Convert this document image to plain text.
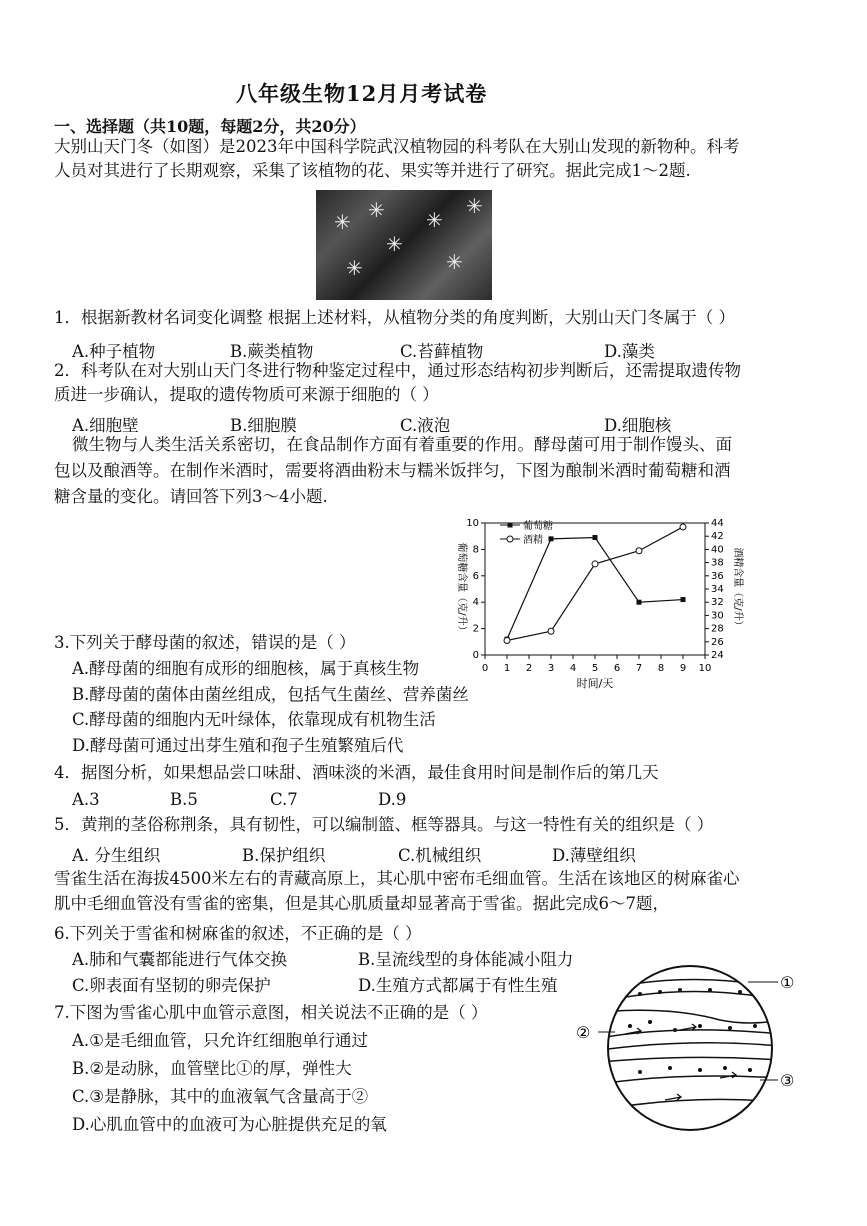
八年级生物12月月考试卷
一、选择题（共10题，每题2分，共20分）
大别山天门冬（如图）是2023年中国科学院武汉植物园的科考队在大别山发现的新物种。科考
人员对其进行了长期观察，采集了该植物的花、果实等并进行了研究。据此完成1～2题.
✳ ✳
✳
✳
✳
✳
✳
1．根据新教材名词变化调整 根据上述材料，从植物分类的角度判断，大别山天门冬属于（ ）
A.种子植物	B.蕨类植物	C.苔藓植物	D.藻类
2．科考队在对大别山天门冬进行物种鉴定过程中，通过形态结构初步判断后，还需提取遗传物
质进一步确认，提取的遗传物质可来源于细胞的（ ）
A.细胞壁	B.细胞膜	C.液泡	D.细胞核
微生物与人类生活关系密切，在食品制作方面有着重要的作用。酵母菌可用于制作馒头、面
包以及酿酒等。在制作米酒时，需要将酒曲粉末与糯米饭拌匀，下图为酿制米酒时葡萄糖和酒
糖含量的变化。请回答下列3～4小题.
0 1 2 3 4 5 6 7 8 9 10
0
2
4
6
8
10
24
26
28
30
32
34
36
38
40
42
44
时间/天
葡萄糖含量（克/升）	酒精含量（克/升）
葡萄糖
酒精
3.下列关于酵母菌的叙述，错误的是（ ）
A.酵母菌的细胞有成形的细胞核，属于真核生物
B.酵母菌的菌体由菌丝组成，包括气生菌丝、营养菌丝
C.酵母菌的细胞内无叶绿体，依靠现成有机物生活
D.酵母菌可通过出芽生殖和孢子生殖繁殖后代
4．据图分析，如果想品尝口味甜、酒味淡的米酒，最佳食用时间是制作后的第几天
A.3	B.5	C.7	D.9
5．黄荆的茎俗称荆条，具有韧性，可以编制篮、框等器具。与这一特性有关的组织是（ ）
A. 分生组织	B.保护组织	C.机械组织	D.薄壁组织
雪雀生活在海拔4500米左右的青藏高原上，其心肌中密布毛细血管。生活在该地区的树麻雀心
肌中毛细血管没有雪雀的密集，但是其心肌质量却显著高于雪雀。据此完成6～7题，
6.下列关于雪雀和树麻雀的叙述，不正确的是（ ）
A.肺和气囊都能进行气体交换	B.呈流线型的身体能减小阻力
C.卵表面有坚韧的卵壳保护	D.生殖方式都属于有性生殖
7.下图为雪雀心肌中血管示意图，相关说法不正确的是（ ）
A.①是毛细血管，只允许红细胞单行通过
B.②是动脉，血管壁比①的厚，弹性大
C.③是静脉，其中的血液氧气含量高于②
D.心肌血管中的血液可为心脏提供充足的氧
①
②
③
